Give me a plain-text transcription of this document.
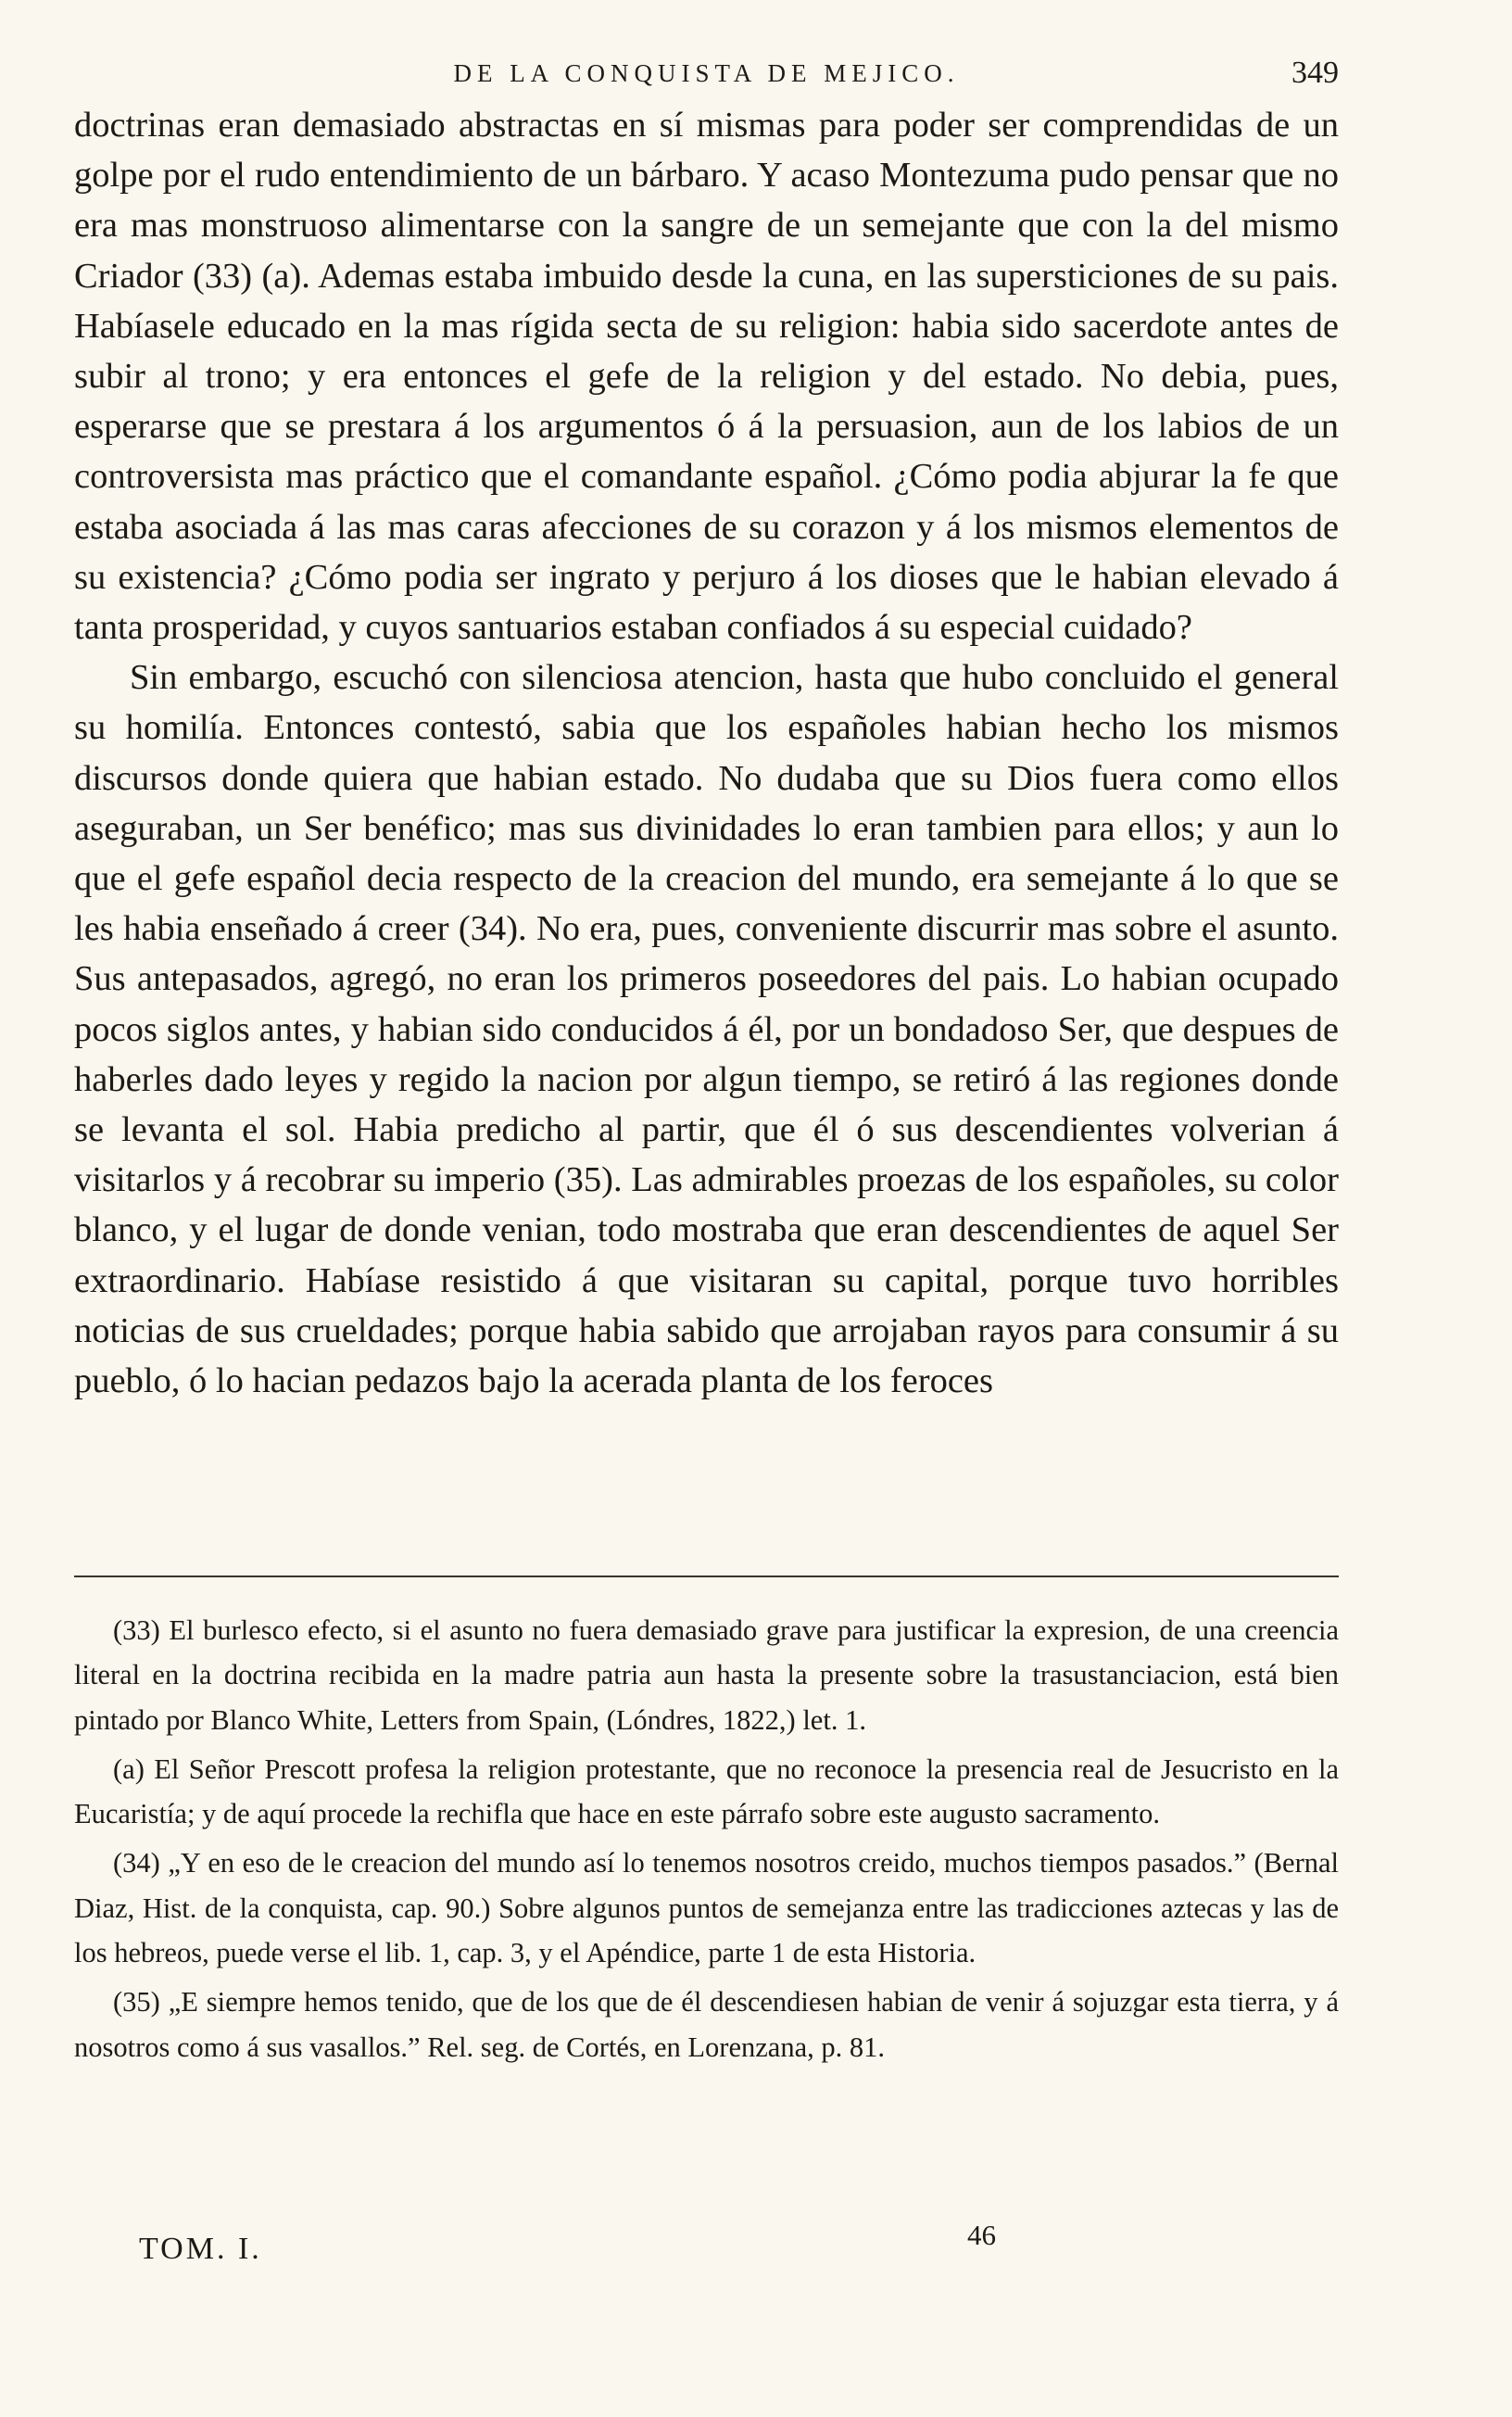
DE LA CONQUISTA DE MEJICO.	349

doctrinas eran demasiado abstractas en sí mismas para poder ser comprendidas de un golpe por el rudo entendimiento de un bárbaro. Y acaso Montezuma pudo pensar que no era mas monstruoso alimentarse con la sangre de un semejante que con la del mismo Criador (33) (a). Ademas estaba imbuido desde la cuna, en las supersticiones de su pais. Habíasele educado en la mas rígida secta de su religion: habia sido sacerdote antes de subir al trono; y era entonces el gefe de la religion y del estado. No debia, pues, esperarse que se prestara á los argumentos ó á la persuasion, aun de los labios de un controversista mas práctico que el comandante español. ¿Cómo podia abjurar la fe que estaba asociada á las mas caras afecciones de su corazon y á los mismos elementos de su existencia? ¿Cómo podia ser ingrato y perjuro á los dioses que le habian elevado á tanta prosperidad, y cuyos santuarios estaban confiados á su especial cuidado?

Sin embargo, escuchó con silenciosa atencion, hasta que hubo concluido el general su homilía. Entonces contestó, sabia que los españoles habian hecho los mismos discursos donde quiera que habian estado. No dudaba que su Dios fuera como ellos aseguraban, un Ser benéfico; mas sus divinidades lo eran tambien para ellos; y aun lo que el gefe español decia respecto de la creacion del mundo, era semejante á lo que se les habia enseñado á creer (34). No era, pues, conveniente discurrir mas sobre el asunto. Sus antepasados, agregó, no eran los primeros poseedores del pais. Lo habian ocupado pocos siglos antes, y habian sido conducidos á él, por un bondadoso Ser, que despues de haberles dado leyes y regido la nacion por algun tiempo, se retiró á las regiones donde se levanta el sol. Habia predicho al partir, que él ó sus descendientes volverian á visitarlos y á recobrar su imperio (35). Las admirables proezas de los españoles, su color blanco, y el lugar de donde venian, todo mostraba que eran descendientes de aquel Ser extraordinario. Habíase resistido á que visitaran su capital, porque tuvo horribles noticias de sus crueldades; porque habia sabido que arrojaban rayos para consumir á su pueblo, ó lo hacian pedazos bajo la acerada planta de los feroces

(33) El burlesco efecto, si el asunto no fuera demasiado grave para justificar la expresion, de una creencia literal en la doctrina recibida en la madre patria aun hasta la presente sobre la trasustanciacion, está bien pintado por Blanco White, Letters from Spain, (Lóndres, 1822,) let. 1.

(a) El Señor Prescott profesa la religion protestante, que no reconoce la presencia real de Jesucristo en la Eucaristía; y de aquí procede la rechifla que hace en este párrafo sobre este augusto sacramento.

(34) „Y en eso de le creacion del mundo así lo tenemos nosotros creido, muchos tiempos pasados.” (Bernal Diaz, Hist. de la conquista, cap. 90.) Sobre algunos puntos de semejanza entre las tradicciones aztecas y las de los hebreos, puede verse el lib. 1, cap. 3, y el Apéndice, parte 1 de esta Historia.

(35) „E siempre hemos tenido, que de los que de él descendiesen habian de venir á sojuzgar esta tierra, y á nosotros como á sus vasallos.” Rel. seg. de Cortés, en Lorenzana, p. 81.

TOM. I.	46
